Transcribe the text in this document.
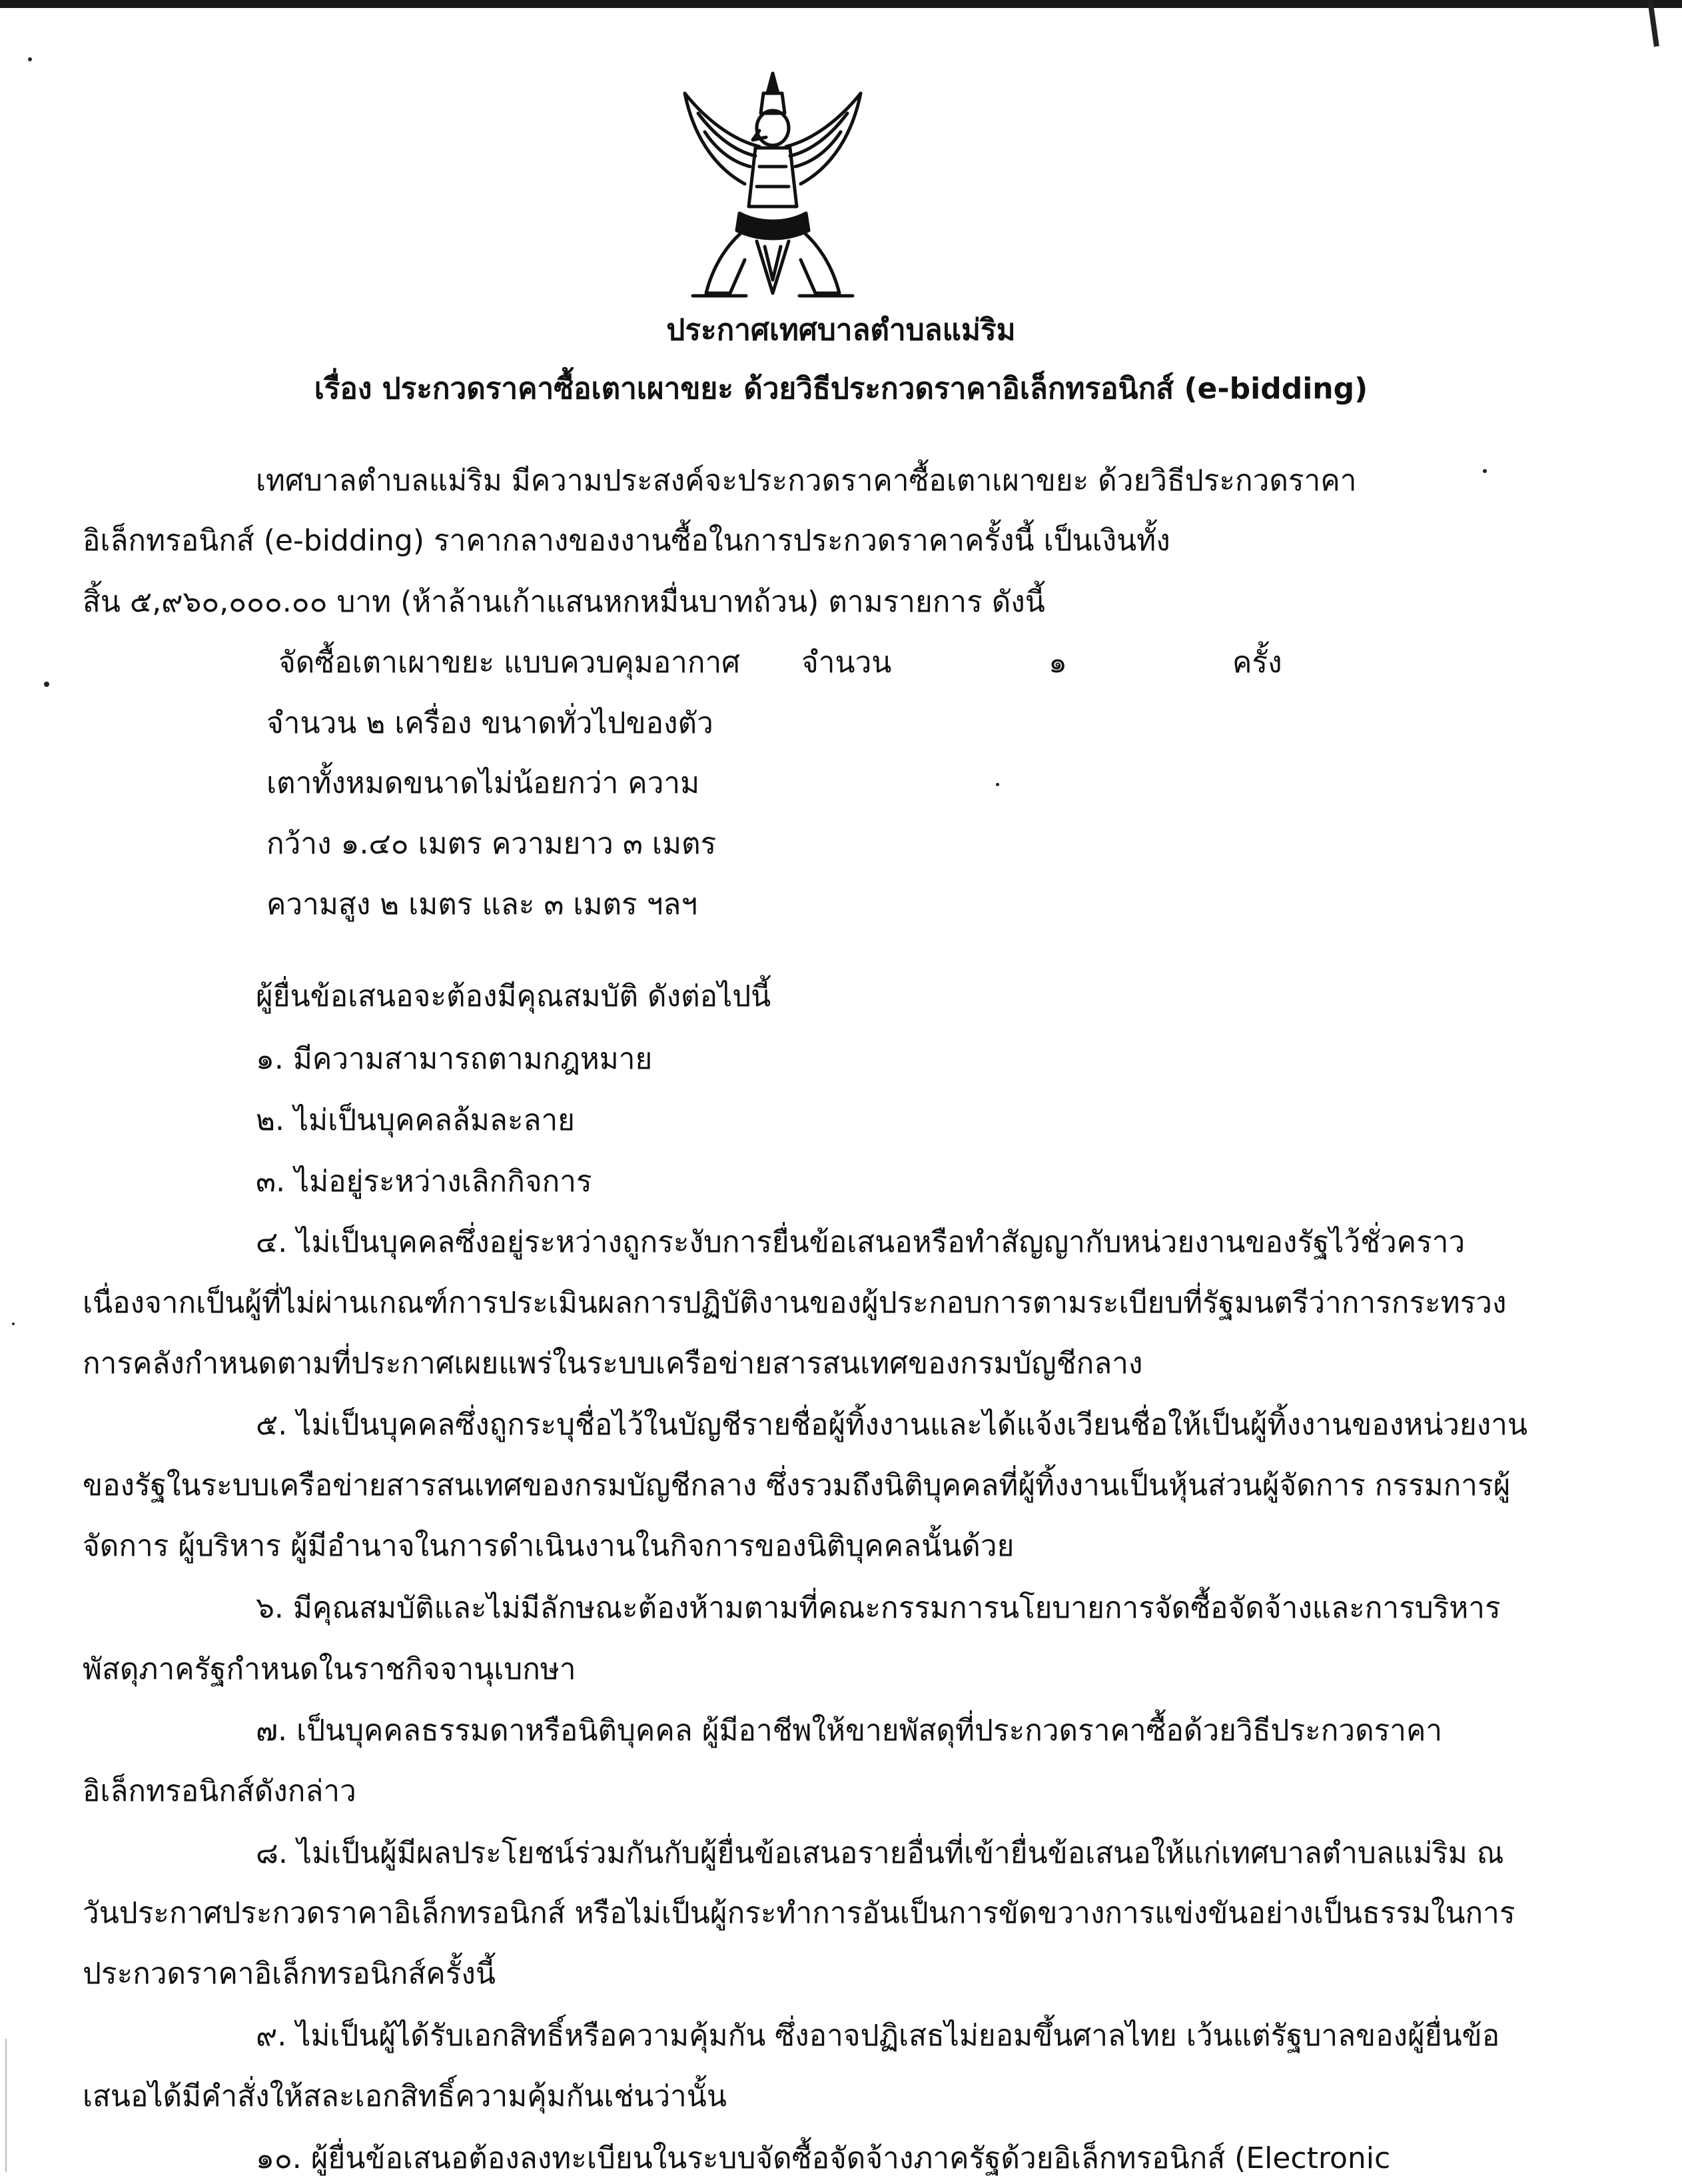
ประกาศเทศบาลตำบลแม่ริม
เรื่อง ประกวดราคาซื้อเตาเผาขยะ ด้วยวิธีประกวดราคาอิเล็กทรอนิกส์ (e-bidding)
เทศบาลตำบลแม่ริม มีความประสงค์จะประกวดราคาซื้อเตาเผาขยะ ด้วยวิธีประกวดราคา
อิเล็กทรอนิกส์ (e-bidding) ราคากลางของงานซื้อในการประกวดราคาครั้งนี้ เป็นเงินทั้ง
สิ้น ๕,๙๖๐,๐๐๐.๐๐ บาท (ห้าล้านเก้าแสนหกหมื่นบาทถ้วน) ตามรายการ ดังนี้
จัดซื้อเตาเผาขยะ แบบควบคุมอากาศ จำนวน	๑	ครั้ง
จำนวน ๒ เครื่อง ขนาดทั่วไปของตัว
เตาทั้งหมดขนาดไม่น้อยกว่า ความ
กว้าง ๑.๔๐ เมตร ความยาว ๓ เมตร
ความสูง ๒ เมตร และ ๓ เมตร ฯลฯ
ผู้ยื่นข้อเสนอจะต้องมีคุณสมบัติ ดังต่อไปนี้
๑. มีความสามารถตามกฎหมาย
๒. ไม่เป็นบุคคลล้มละลาย
๓. ไม่อยู่ระหว่างเลิกกิจการ
๔. ไม่เป็นบุคคลซึ่งอยู่ระหว่างถูกระงับการยื่นข้อเสนอหรือทำสัญญากับหน่วยงานของรัฐไว้ชั่วคราว
เนื่องจากเป็นผู้ที่ไม่ผ่านเกณฑ์การประเมินผลการปฏิบัติงานของผู้ประกอบการตามระเบียบที่รัฐมนตรีว่าการกระทรวง
การคลังกำหนดตามที่ประกาศเผยแพร่ในระบบเครือข่ายสารสนเทศของกรมบัญชีกลาง
๕. ไม่เป็นบุคคลซึ่งถูกระบุชื่อไว้ในบัญชีรายชื่อผู้ทิ้งงานและได้แจ้งเวียนชื่อให้เป็นผู้ทิ้งงานของหน่วยงาน
ของรัฐในระบบเครือข่ายสารสนเทศของกรมบัญชีกลาง ซึ่งรวมถึงนิติบุคคลที่ผู้ทิ้งงานเป็นหุ้นส่วนผู้จัดการ กรรมการผู้
จัดการ ผู้บริหาร ผู้มีอำนาจในการดำเนินงานในกิจการของนิติบุคคลนั้นด้วย
๖. มีคุณสมบัติและไม่มีลักษณะต้องห้ามตามที่คณะกรรมการนโยบายการจัดซื้อจัดจ้างและการบริหาร
พัสดุภาครัฐกำหนดในราชกิจจานุเบกษา
๗. เป็นบุคคลธรรมดาหรือนิติบุคคล ผู้มีอาชีพให้ขายพัสดุที่ประกวดราคาซื้อด้วยวิธีประกวดราคา
อิเล็กทรอนิกส์ดังกล่าว
๘. ไม่เป็นผู้มีผลประโยชน์ร่วมกันกับผู้ยื่นข้อเสนอรายอื่นที่เข้ายื่นข้อเสนอให้แก่เทศบาลตำบลแม่ริม ณ
วันประกาศประกวดราคาอิเล็กทรอนิกส์ หรือไม่เป็นผู้กระทำการอันเป็นการขัดขวางการแข่งขันอย่างเป็นธรรมในการ
ประกวดราคาอิเล็กทรอนิกส์ครั้งนี้
๙. ไม่เป็นผู้ได้รับเอกสิทธิ์หรือความคุ้มกัน ซึ่งอาจปฏิเสธไม่ยอมขึ้นศาลไทย เว้นแต่รัฐบาลของผู้ยื่นข้อ
เสนอได้มีคำสั่งให้สละเอกสิทธิ์ความคุ้มกันเช่นว่านั้น
๑๐. ผู้ยื่นข้อเสนอต้องลงทะเบียนในระบบจัดซื้อจัดจ้างภาครัฐด้วยอิเล็กทรอนิกส์ (Electronic
